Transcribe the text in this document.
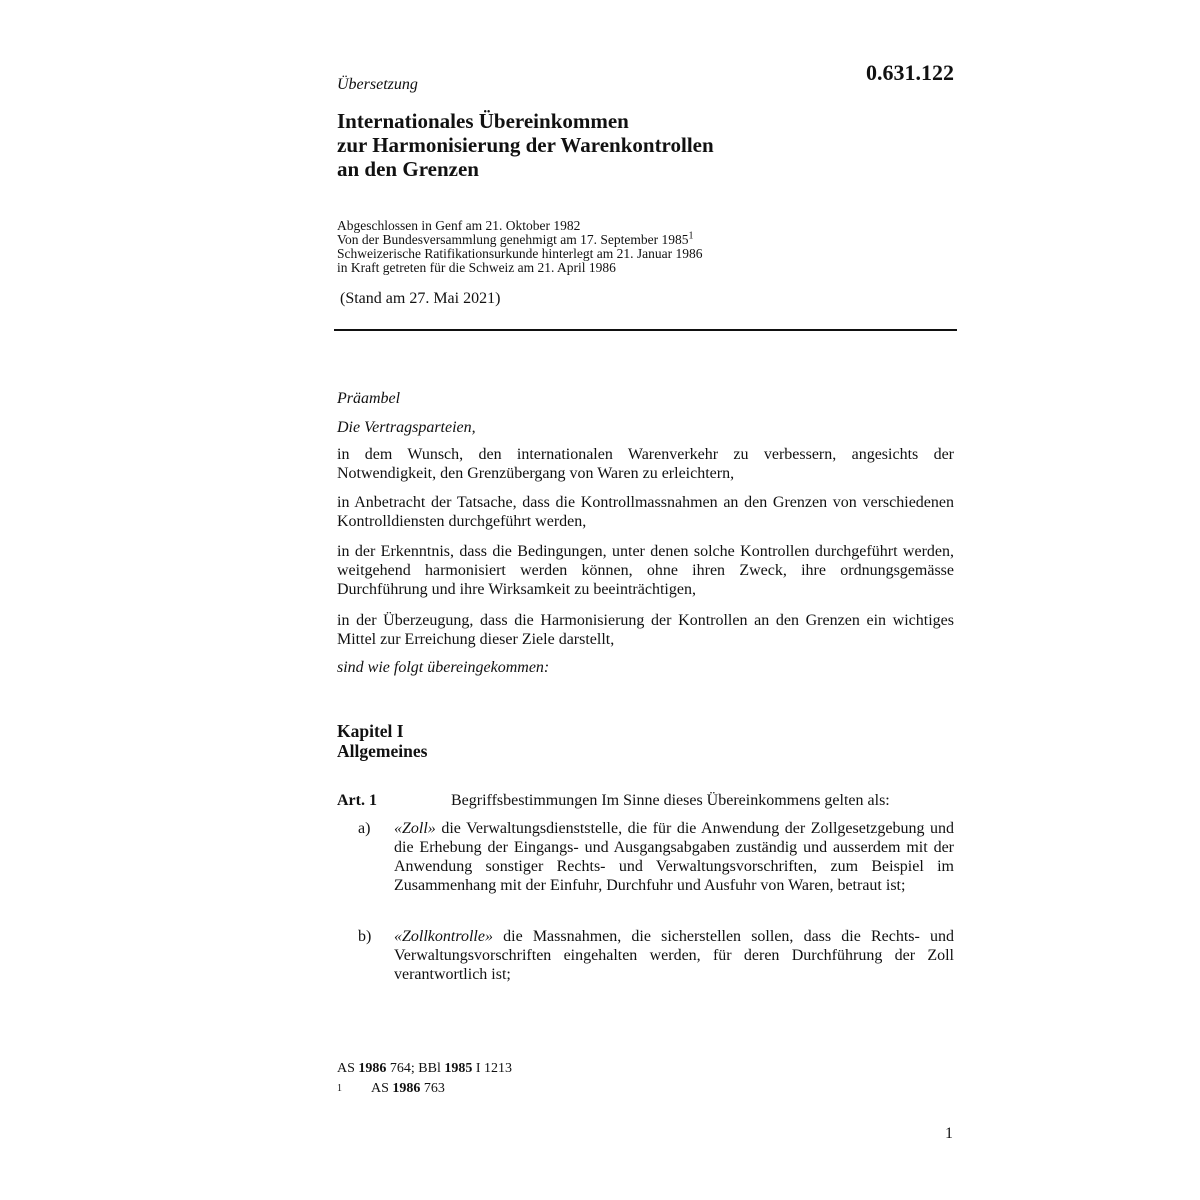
0.631.122
Übersetzung
Internationales Übereinkommen
zur Harmonisierung der Warenkontrollen
an den Grenzen
Abgeschlossen in Genf am 21. Oktober 1982
Von der Bundesversammlung genehmigt am 17. September 1985$^1$
Schweizerische Ratifikationsurkunde hinterlegt am 21. Januar 1986
in Kraft getreten für die Schweiz am 21. April 1986
(Stand am 27. Mai 2021)
Präambel
Die Vertragsparteien,
in dem Wunsch, den internationalen Warenverkehr zu verbessern, angesichts der Notwendigkeit, den Grenzübergang von Waren zu erleichtern,
in Anbetracht der Tatsache, dass die Kontrollmassnahmen an den Grenzen von verschiedenen Kontrolldiensten durchgeführt werden,
in der Erkenntnis, dass die Bedingungen, unter denen solche Kontrollen durchgeführt werden, weitgehend harmonisiert werden können, ohne ihren Zweck, ihre ordnungsgemässe Durchführung und ihre Wirksamkeit zu beeinträchtigen,
in der Überzeugung, dass die Harmonisierung der Kontrollen an den Grenzen ein wichtiges Mittel zur Erreichung dieser Ziele darstellt,
sind wie folgt übereingekommen:
Kapitel I
Allgemeines
Art. 1	Begriffsbestimmungen Im Sinne dieses Übereinkommens gelten als:
a) «Zoll» die Verwaltungsdienststelle, die für die Anwendung der Zollgesetzgebung und die Erhebung der Eingangs- und Ausgangsabgaben zuständig und ausserdem mit der Anwendung sonstiger Rechts- und Verwaltungsvorschriften, zum Beispiel im Zusammenhang mit der Einfuhr, Durchfuhr und Ausfuhr von Waren, betraut ist;
b) «Zollkontrolle» die Massnahmen, die sicherstellen sollen, dass die Rechts- und Verwaltungsvorschriften eingehalten werden, für deren Durchführung der Zoll verantwortlich ist;
AS 1986 764; BBl 1985 I 1213
1 AS 1986 763
1
